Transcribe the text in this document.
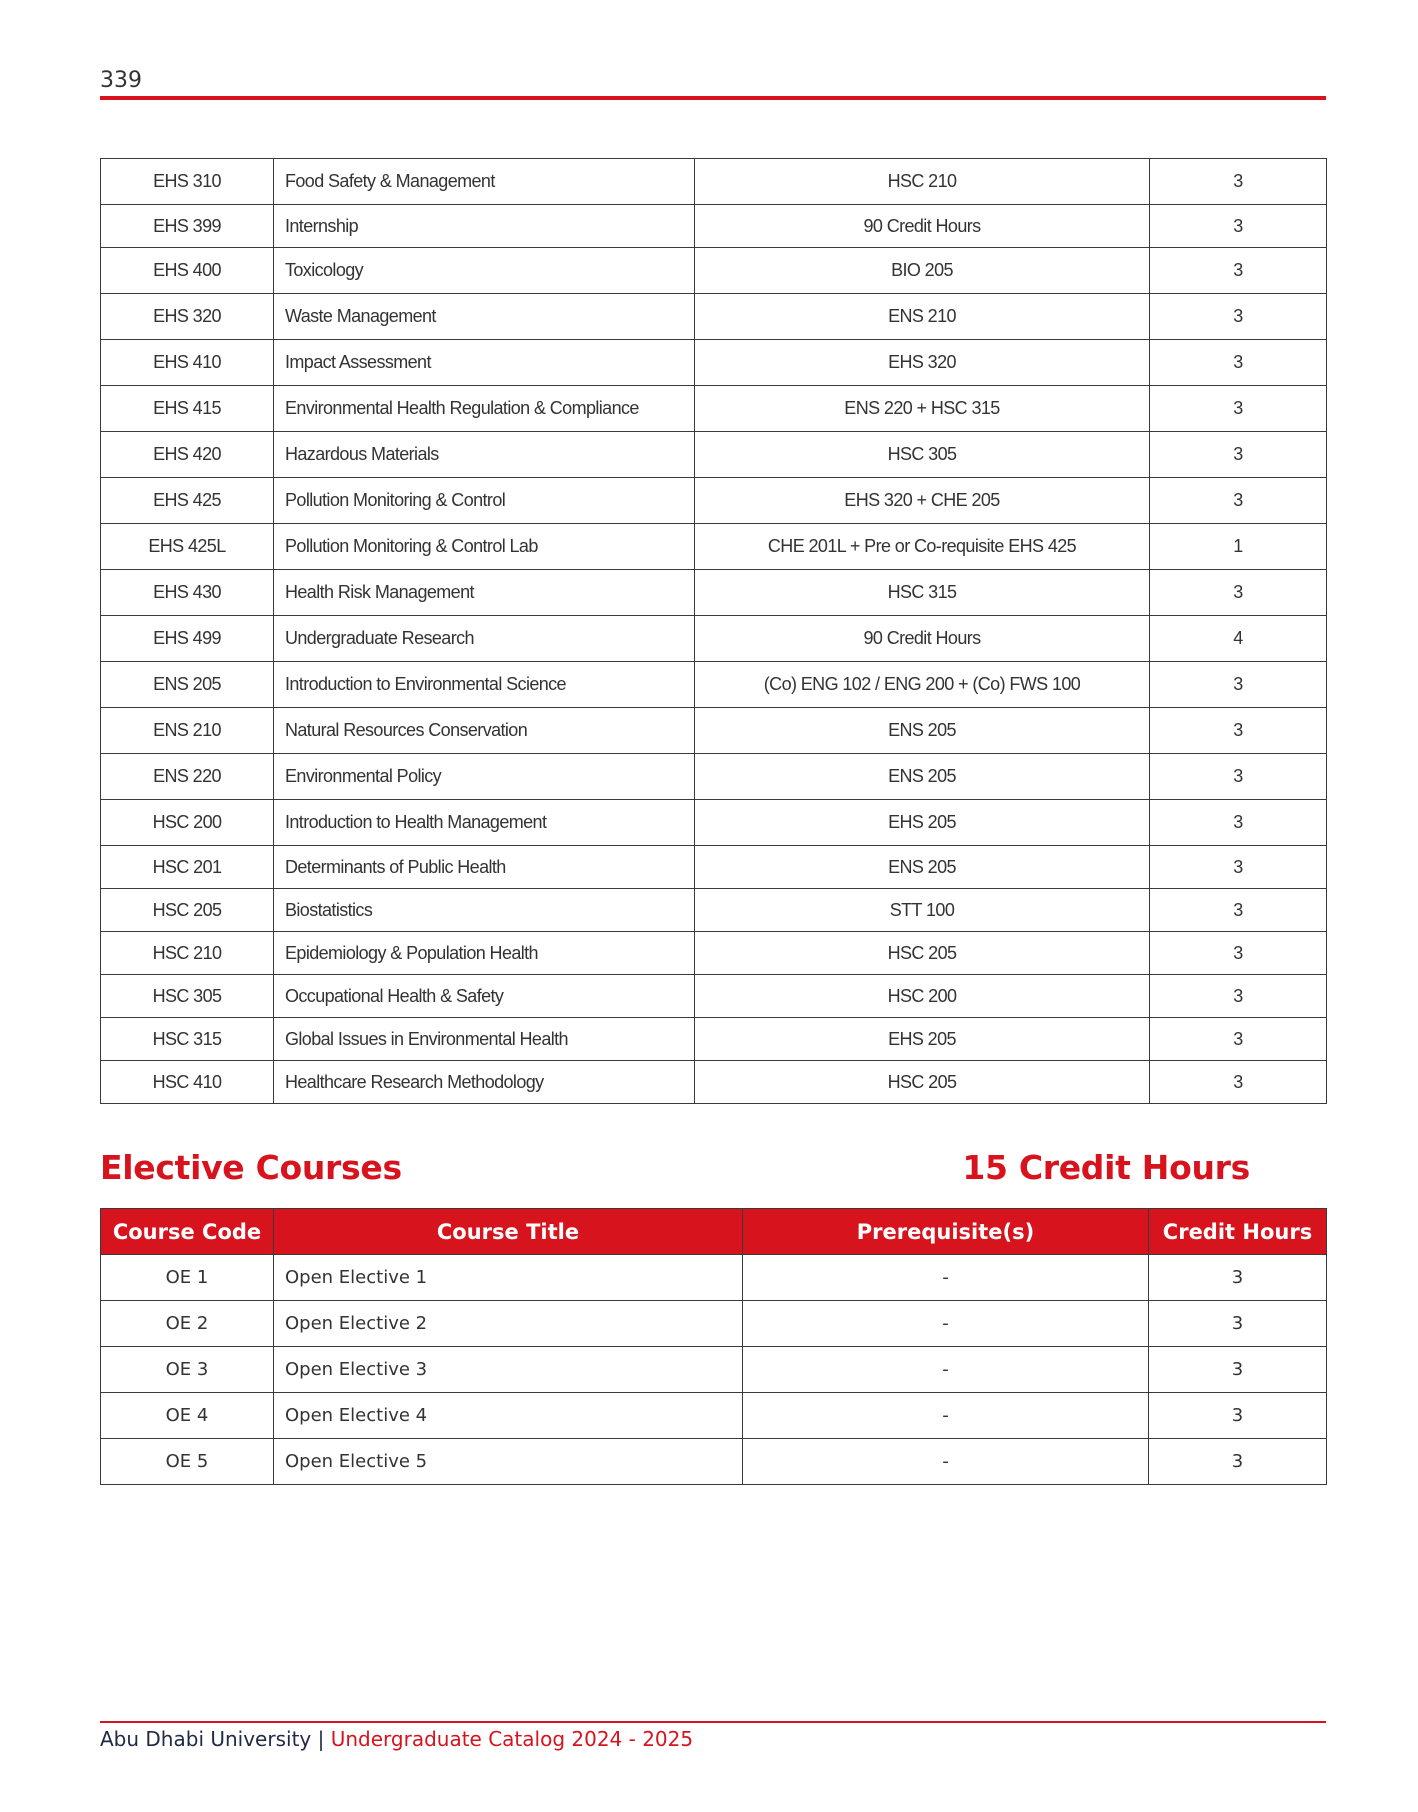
339
EHS 310	Food Safety & Management	HSC 210	3
EHS 399	Internship	90 Credit Hours	3
EHS 400	Toxicology	BIO 205	3
EHS 320	Waste Management	ENS 210	3
EHS 410	Impact Assessment	EHS 320	3
EHS 415	Environmental Health Regulation & Compliance	ENS 220 + HSC 315	3
EHS 420	Hazardous Materials	HSC 305	3
EHS 425	Pollution Monitoring & Control	EHS 320 + CHE 205	3
EHS 425L	Pollution Monitoring & Control Lab	CHE 201L + Pre or Co-requisite EHS 425	1
EHS 430	Health Risk Management	HSC 315	3
EHS 499	Undergraduate Research	90 Credit Hours	4
ENS 205	Introduction to Environmental Science	(Co) ENG 102 / ENG 200 + (Co) FWS 100	3
ENS 210	Natural Resources Conservation	ENS 205	3
ENS 220	Environmental Policy	ENS 205	3
HSC 200	Introduction to Health Management	EHS 205	3
HSC 201	Determinants of Public Health	ENS 205	3
HSC 205	Biostatistics	STT 100	3
HSC 210	Epidemiology & Population Health	HSC 205	3
HSC 305	Occupational Health & Safety	HSC 200	3
HSC 315	Global Issues in Environmental Health	EHS 205	3
HSC 410	Healthcare Research Methodology	HSC 205	3
Elective Courses	15 Credit Hours
Course Code	Course Title	Prerequisite(s)	Credit Hours
OE 1	Open Elective 1	-	3
OE 2	Open Elective 2	-	3
OE 3	Open Elective 3	-	3
OE 4	Open Elective 4	-	3
OE 5	Open Elective 5	-	3
Abu Dhabi University | Undergraduate Catalog 2024 - 2025
